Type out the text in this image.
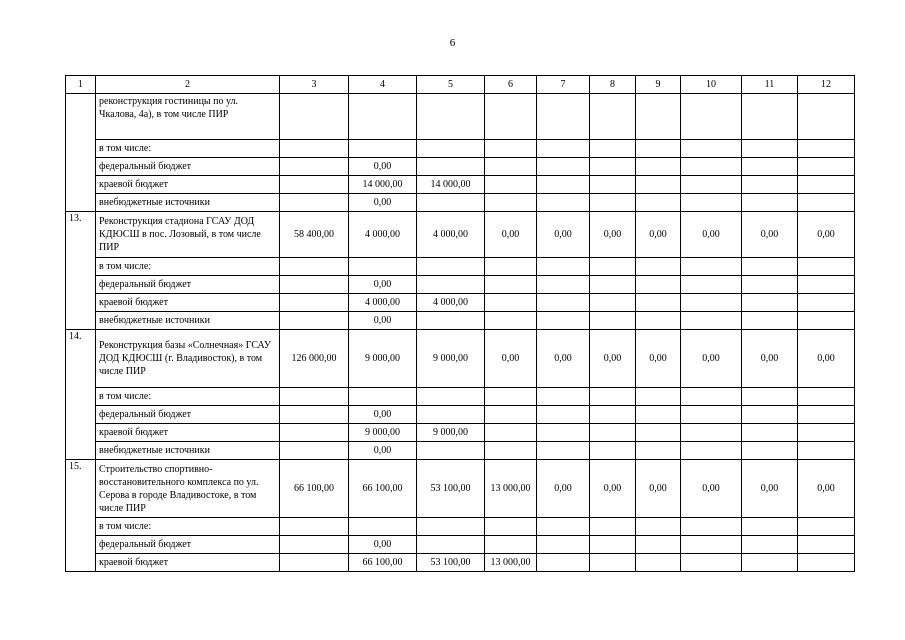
6
1	2	3	4	5	6	7	8	9	10	11	12
	реконструкция гостиницы по ул. Чкалова, 4а), в том числе ПИР										
	в том числе:										
	федеральный бюджет		0,00								
	краевой бюджет		14 000,00	14 000,00							
	внебюджетные источники		0,00								
13.	Реконструкция стадиона ГСАУ ДОД КДЮСШ в пос. Лозовый, в том числе ПИР	58 400,00	4 000,00	4 000,00	0,00	0,00	0,00	0,00	0,00	0,00	0,00
	в том числе:										
	федеральный бюджет		0,00								
	краевой бюджет		4 000,00	4 000,00							
	внебюджетные источники		0,00								
14.	Реконструкция базы «Солнечная» ГСАУ ДОД КДЮСШ (г. Владивосток), в том числе ПИР	126 000,00	9 000,00	9 000,00	0,00	0,00	0,00	0,00	0,00	0,00	0,00
	в том числе:										
	федеральный бюджет		0,00								
	краевой бюджет		9 000,00	9 000,00							
	внебюджетные источники		0,00								
15.	Строительство спортивно-восстановительного комплекса по ул. Серова в городе Владивостоке, в том числе ПИР	66 100,00	66 100,00	53 100,00	13 000,00	0,00	0,00	0,00	0,00	0,00	0,00
	в том числе:										
	федеральный бюджет		0,00								
	краевой бюджет		66 100,00	53 100,00	13 000,00						
